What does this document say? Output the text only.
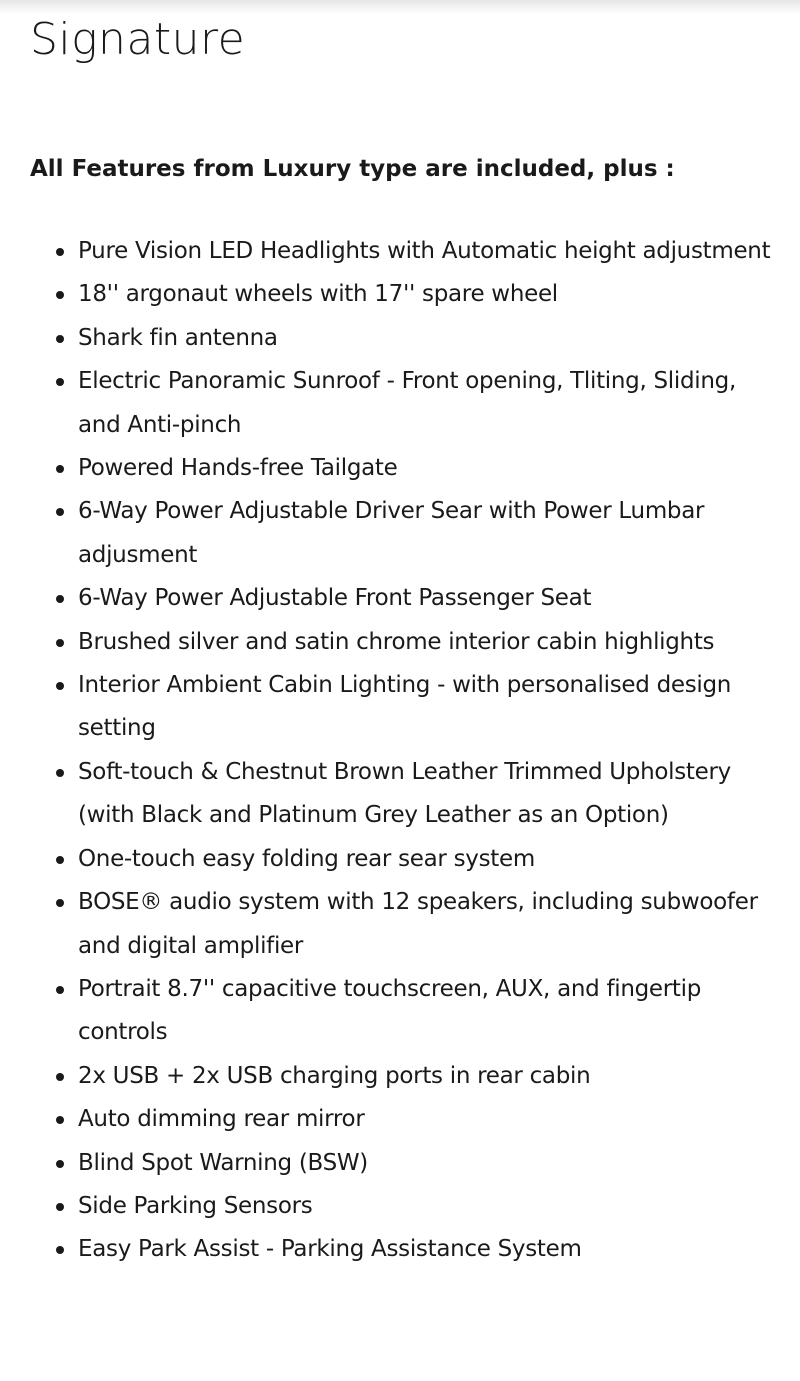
Signature

All Features from Luxury type are included, plus :

Pure Vision LED Headlights with Automatic height adjustment
18'' argonaut wheels with 17'' spare wheel
Shark fin antenna
Electric Panoramic Sunroof - Front opening, Tliting, Sliding, and Anti-pinch
Powered Hands-free Tailgate
6-Way Power Adjustable Driver Sear with Power Lumbar adjusment
6-Way Power Adjustable Front Passenger Seat
Brushed silver and satin chrome interior cabin highlights
Interior Ambient Cabin Lighting - with personalised design setting
Soft-touch & Chestnut Brown Leather Trimmed Upholstery (with Black and Platinum Grey Leather as an Option)
One-touch easy folding rear sear system
BOSE® audio system with 12 speakers, including subwoofer and digital amplifier
Portrait 8.7'' capacitive touchscreen, AUX, and fingertip controls
2x USB + 2x USB charging ports in rear cabin
Auto dimming rear mirror
Blind Spot Warning (BSW)
Side Parking Sensors
Easy Park Assist - Parking Assistance System
